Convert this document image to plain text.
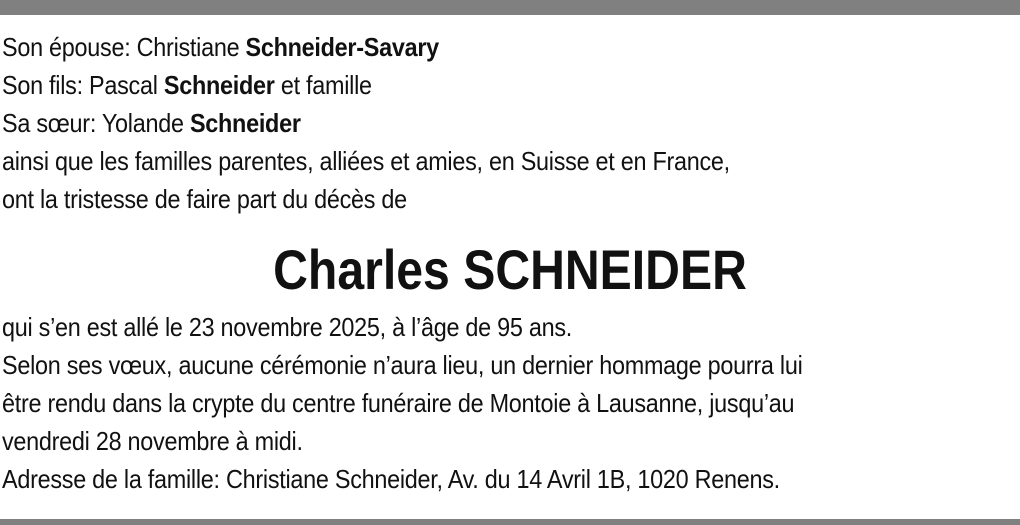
Son épouse: Christiane Schneider-Savary
Son fils: Pascal Schneider et famille
Sa sœur: Yolande Schneider
ainsi que les familles parentes, alliées et amies, en Suisse et en France,
ont la tristesse de faire part du décès de
Charles SCHNEIDER
qui s’en est allé le 23 novembre 2025, à l’âge de 95 ans.
Selon ses vœux, aucune cérémonie n’aura lieu, un dernier hommage pourra lui
être rendu dans la crypte du centre funéraire de Montoie à Lausanne, jusqu’au
vendredi 28 novembre à midi.
Adresse de la famille: Christiane Schneider, Av. du 14 Avril 1B, 1020 Renens.
